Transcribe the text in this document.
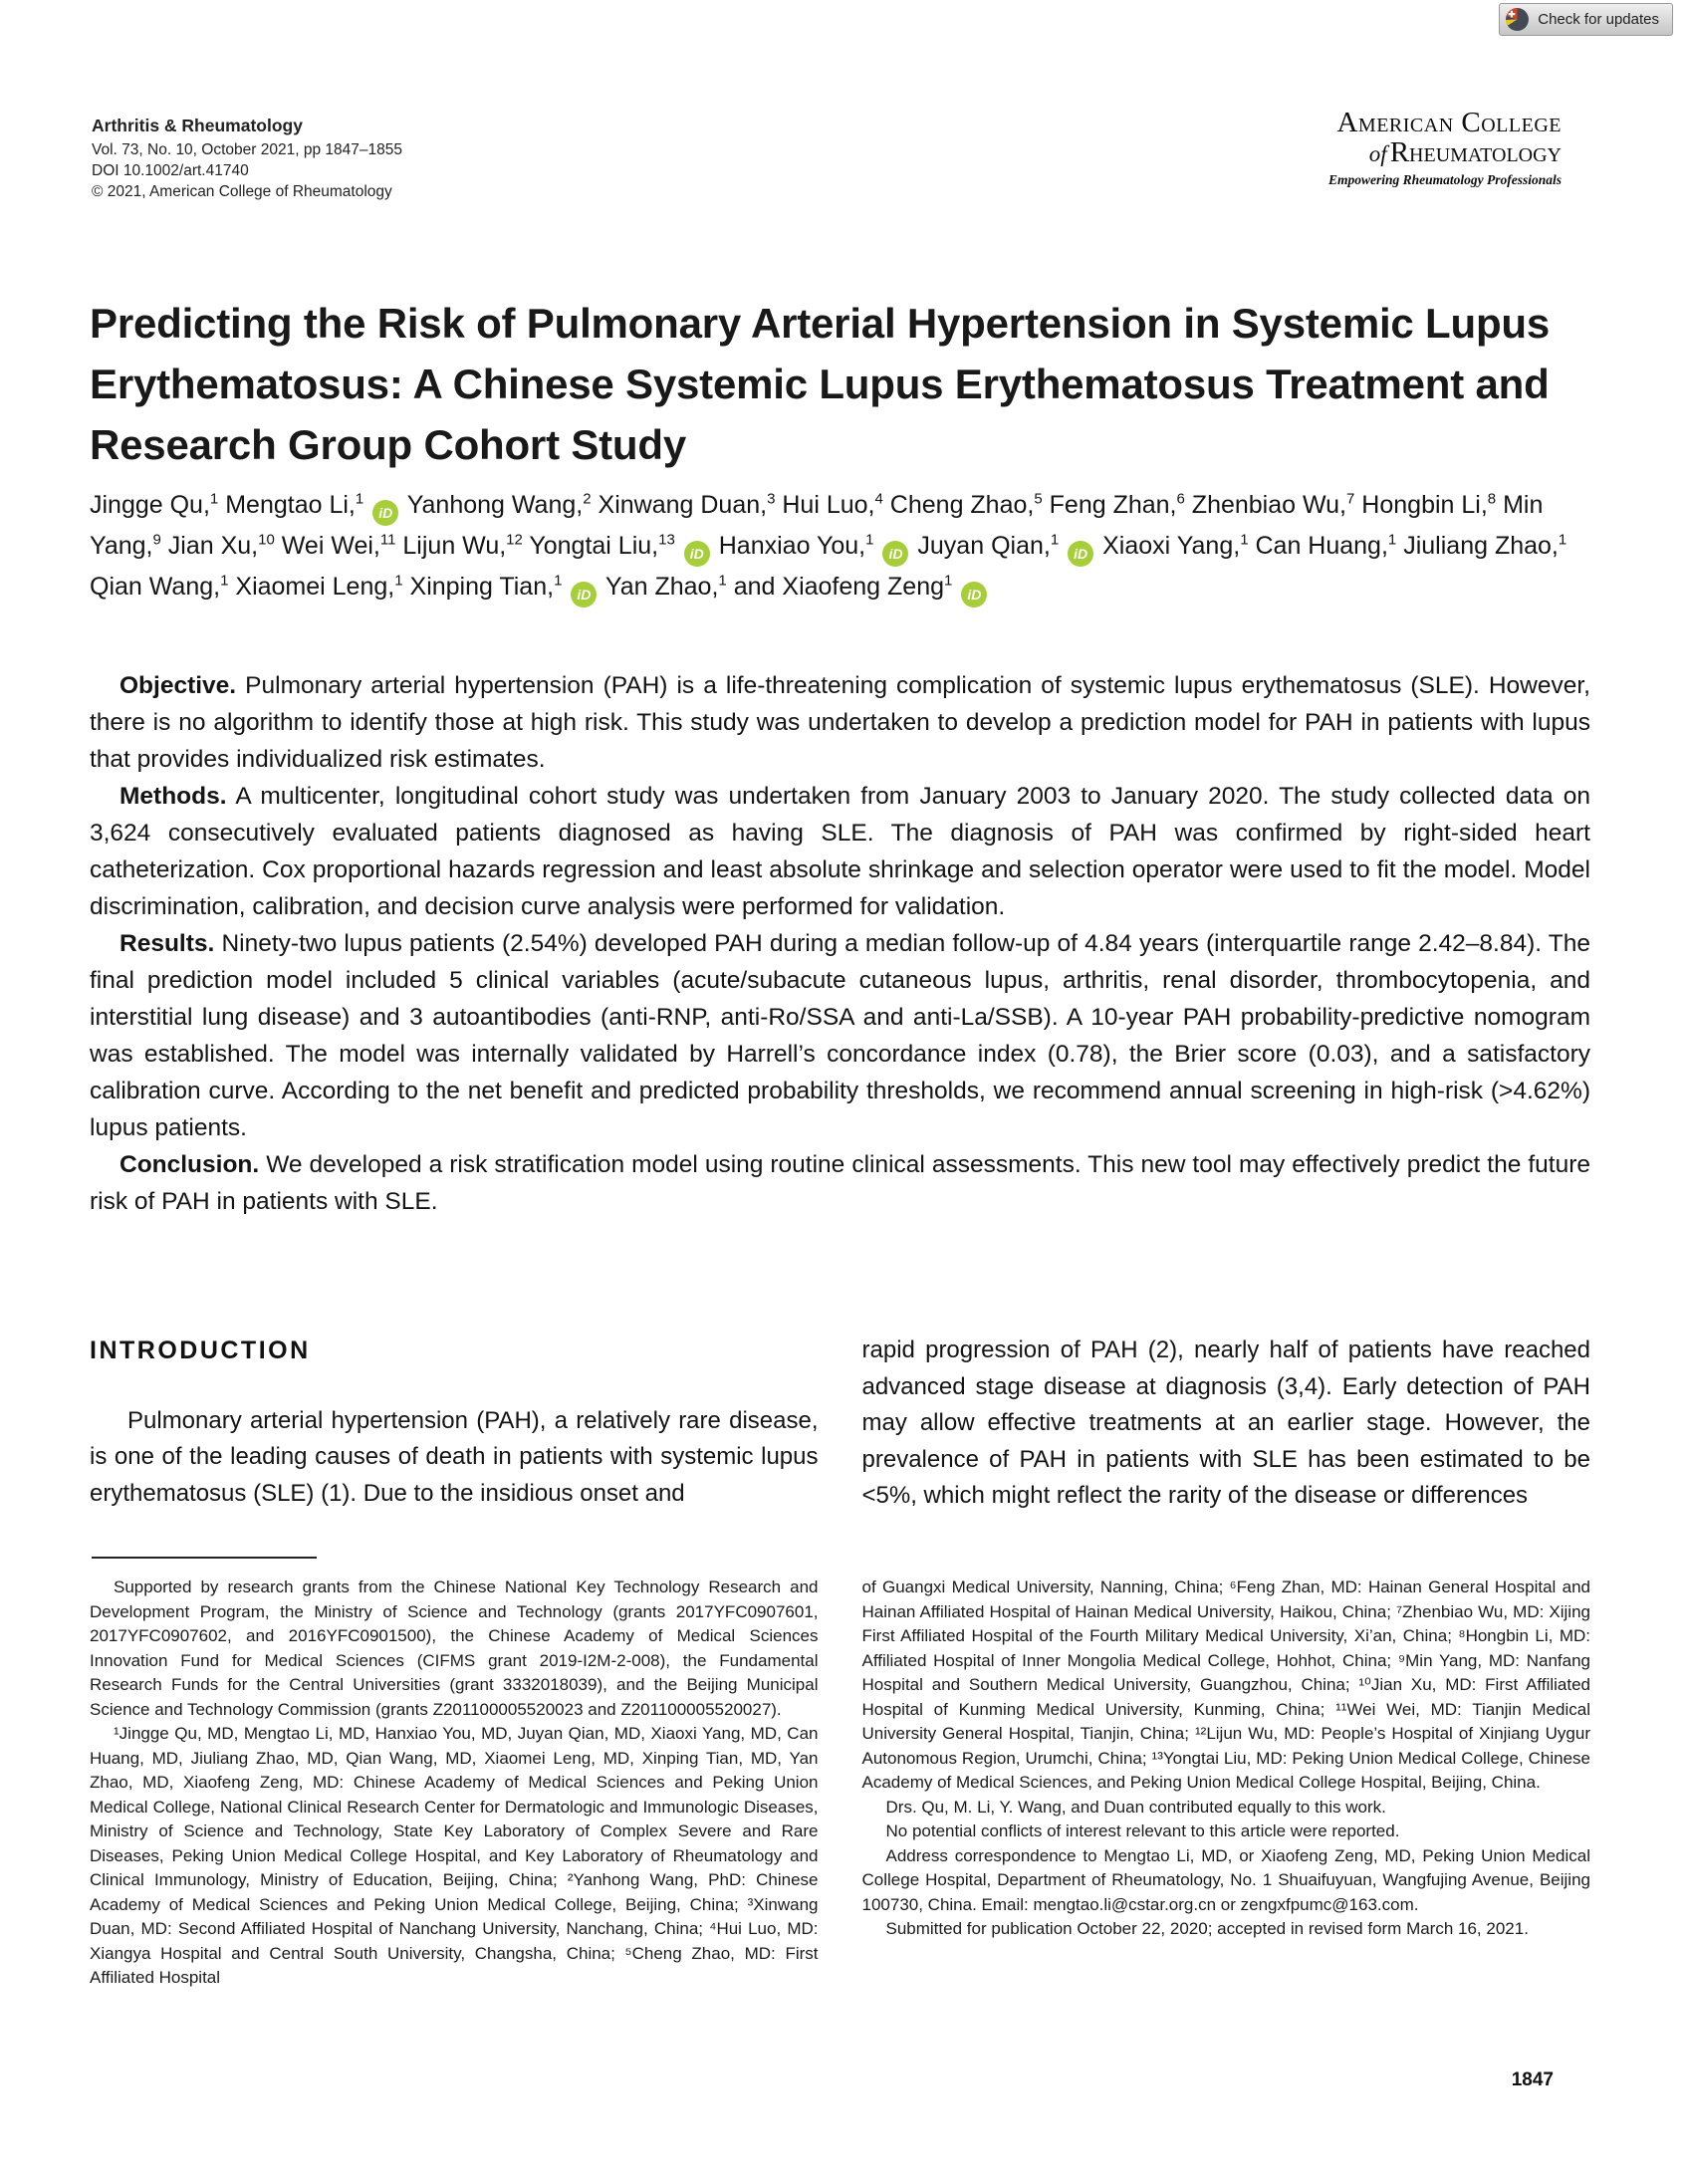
Check for updates
Arthritis & Rheumatology
Vol. 73, No. 10, October 2021, pp 1847–1855
DOI 10.1002/art.41740
© 2021, American College of Rheumatology
American College
of Rheumatology
Empowering Rheumatology Professionals
Predicting the Risk of Pulmonary Arterial Hypertension in Systemic Lupus Erythematosus: A Chinese Systemic Lupus Erythematosus Treatment and Research Group Cohort Study
Jingge Qu,$^1$ Mengtao Li,$^1$iD Yanhong Wang,$^2$ Xinwang Duan,$^3$ Hui Luo,$^4$ Cheng Zhao,$^5$ Feng Zhan,$^6$ Zhenbiao Wu,$^7$ Hongbin Li,$^8$ Min Yang,$^9$ Jian Xu,$^{10}$ Wei Wei,$^{11}$ Lijun Wu,$^{12}$ Yongtai Liu,$^{13}$iD Hanxiao You,$^1$iD Juyan Qian,$^1$iD Xiaoxi Yang,$^1$ Can Huang,$^1$ Jiuliang Zhao,$^1$ Qian Wang,$^1$ Xiaomei Leng,$^1$ Xinping Tian,$^1$iD Yan Zhao,$^1$ and Xiaofeng Zeng$^1$iD

Objective. Pulmonary arterial hypertension (PAH) is a life-threatening complication of systemic lupus erythematosus (SLE). However, there is no algorithm to identify those at high risk. This study was undertaken to develop a prediction model for PAH in patients with lupus that provides individualized risk estimates.

Methods. A multicenter, longitudinal cohort study was undertaken from January 2003 to January 2020. The study collected data on 3,624 consecutively evaluated patients diagnosed as having SLE. The diagnosis of PAH was confirmed by right-sided heart catheterization. Cox proportional hazards regression and least absolute shrinkage and selection operator were used to fit the model. Model discrimination, calibration, and decision curve analysis were performed for validation.

Results. Ninety-two lupus patients (2.54%) developed PAH during a median follow-up of 4.84 years (interquartile range 2.42–8.84). The final prediction model included 5 clinical variables (acute/subacute cutaneous lupus, arthritis, renal disorder, thrombocytopenia, and interstitial lung disease) and 3 autoantibodies (anti-RNP, anti-Ro/SSA and anti-La/SSB). A 10-year PAH probability-predictive nomogram was established. The model was internally validated by Harrell’s concordance index (0.78), the Brier score (0.03), and a satisfactory calibration curve. According to the net benefit and predicted probability thresholds, we recommend annual screening in high-risk (>4.62%) lupus patients.

Conclusion. We developed a risk stratification model using routine clinical assessments. This new tool may effectively predict the future risk of PAH in patients with SLE.

INTRODUCTION

Pulmonary arterial hypertension (PAH), a relatively rare disease, is one of the leading causes of death in patients with systemic lupus erythematosus (SLE) (1). Due to the insidious onset and

rapid progression of PAH (2), nearly half of patients have reached advanced stage disease at diagnosis (3,4). Early detection of PAH may allow effective treatments at an earlier stage. However, the prevalence of PAH in patients with SLE has been estimated to be <5%, which might reflect the rarity of the disease or differences

Supported by research grants from the Chinese National Key Technology Research and Development Program, the Ministry of Science and Technology (grants 2017YFC0907601, 2017YFC0907602, and 2016YFC0901500), the Chinese Academy of Medical Sciences Innovation Fund for Medical Sciences (CIFMS grant 2019-I2M-2-008), the Fundamental Research Funds for the Central Universities (grant 3332018039), and the Beijing Municipal Science and Technology Commission (grants Z201100005520023 and Z201100005520027).

¹Jingge Qu, MD, Mengtao Li, MD, Hanxiao You, MD, Juyan Qian, MD, Xiaoxi Yang, MD, Can Huang, MD, Jiuliang Zhao, MD, Qian Wang, MD, Xiaomei Leng, MD, Xinping Tian, MD, Yan Zhao, MD, Xiaofeng Zeng, MD: Chinese Academy of Medical Sciences and Peking Union Medical College, National Clinical Research Center for Dermatologic and Immunologic Diseases, Ministry of Science and Technology, State Key Laboratory of Complex Severe and Rare Diseases, Peking Union Medical College Hospital, and Key Laboratory of Rheumatology and Clinical Immunology, Ministry of Education, Beijing, China; ²Yanhong Wang, PhD: Chinese Academy of Medical Sciences and Peking Union Medical College, Beijing, China; ³Xinwang Duan, MD: Second Affiliated Hospital of Nanchang University, Nanchang, China; ⁴Hui Luo, MD: Xiangya Hospital and Central South University, Changsha, China; ⁵Cheng Zhao, MD: First Affiliated Hospital

of Guangxi Medical University, Nanning, China; ⁶Feng Zhan, MD: Hainan General Hospital and Hainan Affiliated Hospital of Hainan Medical University, Haikou, China; ⁷Zhenbiao Wu, MD: Xijing First Affiliated Hospital of the Fourth Military Medical University, Xi’an, China; ⁸Hongbin Li, MD: Affiliated Hospital of Inner Mongolia Medical College, Hohhot, China; ⁹Min Yang, MD: Nanfang Hospital and Southern Medical University, Guangzhou, China; ¹⁰Jian Xu, MD: First Affiliated Hospital of Kunming Medical University, Kunming, China; ¹¹Wei Wei, MD: Tianjin Medical University General Hospital, Tianjin, China; ¹²Lijun Wu, MD: People’s Hospital of Xinjiang Uygur Autonomous Region, Urumchi, China; ¹³Yongtai Liu, MD: Peking Union Medical College, Chinese Academy of Medical Sciences, and Peking Union Medical College Hospital, Beijing, China.

Drs. Qu, M. Li, Y. Wang, and Duan contributed equally to this work.

No potential conflicts of interest relevant to this article were reported.

Address correspondence to Mengtao Li, MD, or Xiaofeng Zeng, MD, Peking Union Medical College Hospital, Department of Rheumatology, No. 1 Shuaifuyuan, Wangfujing Avenue, Beijing 100730, China. Email: mengtao.li@cstar.org.cn or zengxfpumc@163.com.

Submitted for publication October 22, 2020; accepted in revised form March 16, 2021.

1847
